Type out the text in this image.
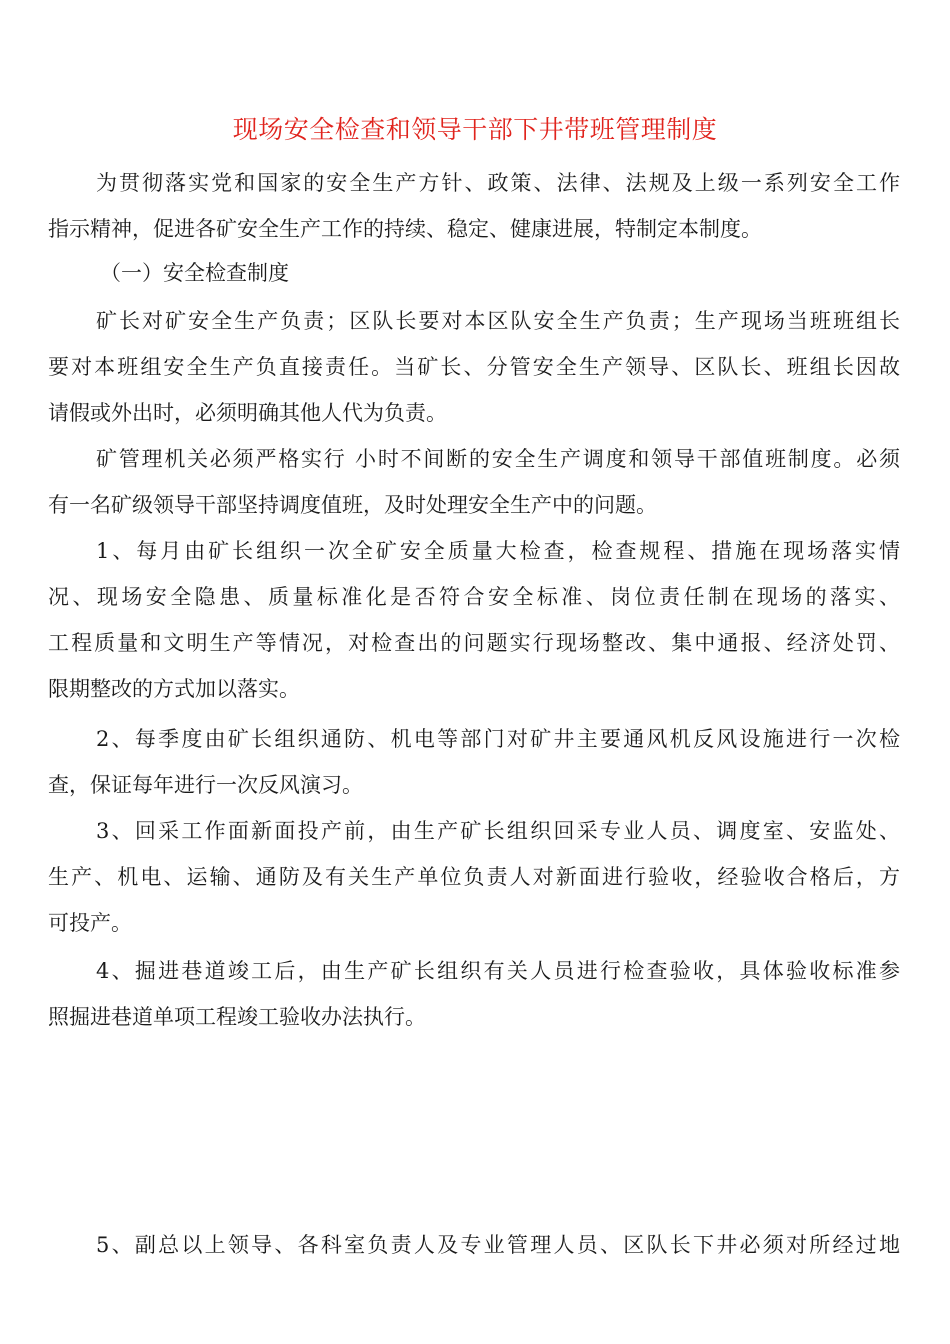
现场安全检查和领导干部下井带班管理制度
为贯彻落实党和国家的安全生产方针、政策、法律、法规及上级一系列安全工作
指示精神，促进各矿安全生产工作的持续、稳定、健康进展，特制定本制度。
（一）安全检查制度
矿长对矿安全生产负责；区队长要对本区队安全生产负责；生产现场当班班组长
要对本班组安全生产负直接责任。当矿长、分管安全生产领导、区队长、班组长因故
请假或外出时，必须明确其他人代为负责。
矿管理机关必须严格实行 小时不间断的安全生产调度和领导干部值班制度。必须
有一名矿级领导干部坚持调度值班，及时处理安全生产中的问题。
1、每月由矿长组织一次全矿安全质量大检查，检查规程、措施在现场落实情
况、现场安全隐患、质量标准化是否符合安全标准、岗位责任制在现场的落实、
工程质量和文明生产等情况，对检查出的问题实行现场整改、集中通报、经济处罚、
限期整改的方式加以落实。
2、每季度由矿长组织通防、机电等部门对矿井主要通风机反风设施进行一次检
查，保证每年进行一次反风演习。
3、回采工作面新面投产前，由生产矿长组织回采专业人员、调度室、安监处、
生产、机电、运输、通防及有关生产单位负责人对新面进行验收，经验收合格后，方
可投产。
4、掘进巷道竣工后，由生产矿长组织有关人员进行检查验收，具体验收标准参
照掘进巷道单项工程竣工验收办法执行。
5、副总以上领导、各科室负责人及专业管理人员、区队长下井必须对所经过地
